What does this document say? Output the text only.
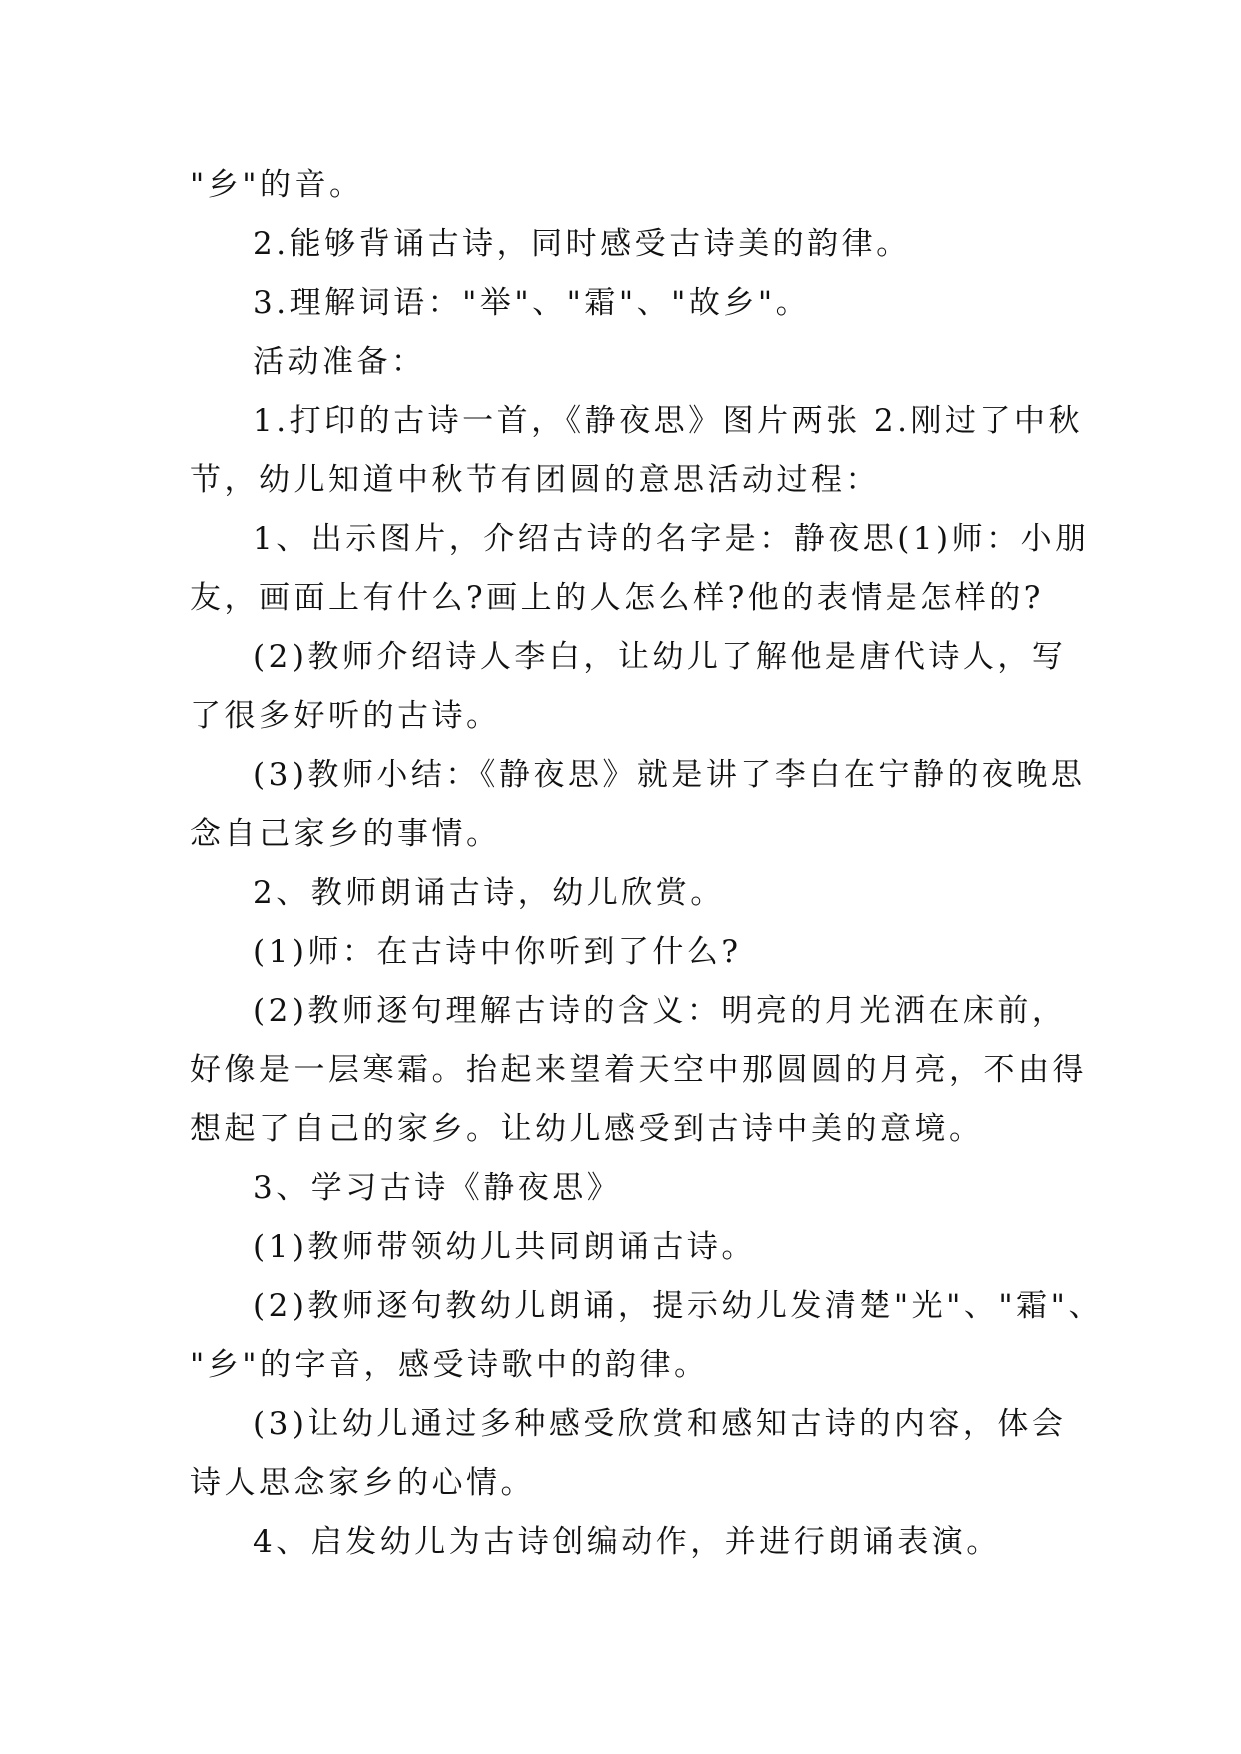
"乡"的音。

2.能够背诵古诗，同时感受古诗美的韵律。

3.理解词语："举"、"霜"、"故乡"。

活动准备：

1.打印的古诗一首，《静夜思》图片两张 2.刚过了中秋

节，幼儿知道中秋节有团圆的意思活动过程：

1、出示图片，介绍古诗的名字是：静夜思(1)师：小朋

友，画面上有什么?画上的人怎么样?他的表情是怎样的?

(2)教师介绍诗人李白，让幼儿了解他是唐代诗人，写

了很多好听的古诗。

(3)教师小结：《静夜思》就是讲了李白在宁静的夜晚思

念自己家乡的事情。

2、教师朗诵古诗，幼儿欣赏。

(1)师：在古诗中你听到了什么?

(2)教师逐句理解古诗的含义：明亮的月光洒在床前，

好像是一层寒霜。抬起来望着天空中那圆圆的月亮，不由得

想起了自己的家乡。让幼儿感受到古诗中美的意境。

3、学习古诗《静夜思》

(1)教师带领幼儿共同朗诵古诗。

(2)教师逐句教幼儿朗诵，提示幼儿发清楚"光"、"霜"、

"乡"的字音，感受诗歌中的韵律。

(3)让幼儿通过多种感受欣赏和感知古诗的内容，体会

诗人思念家乡的心情。

4、启发幼儿为古诗创编动作，并进行朗诵表演。
